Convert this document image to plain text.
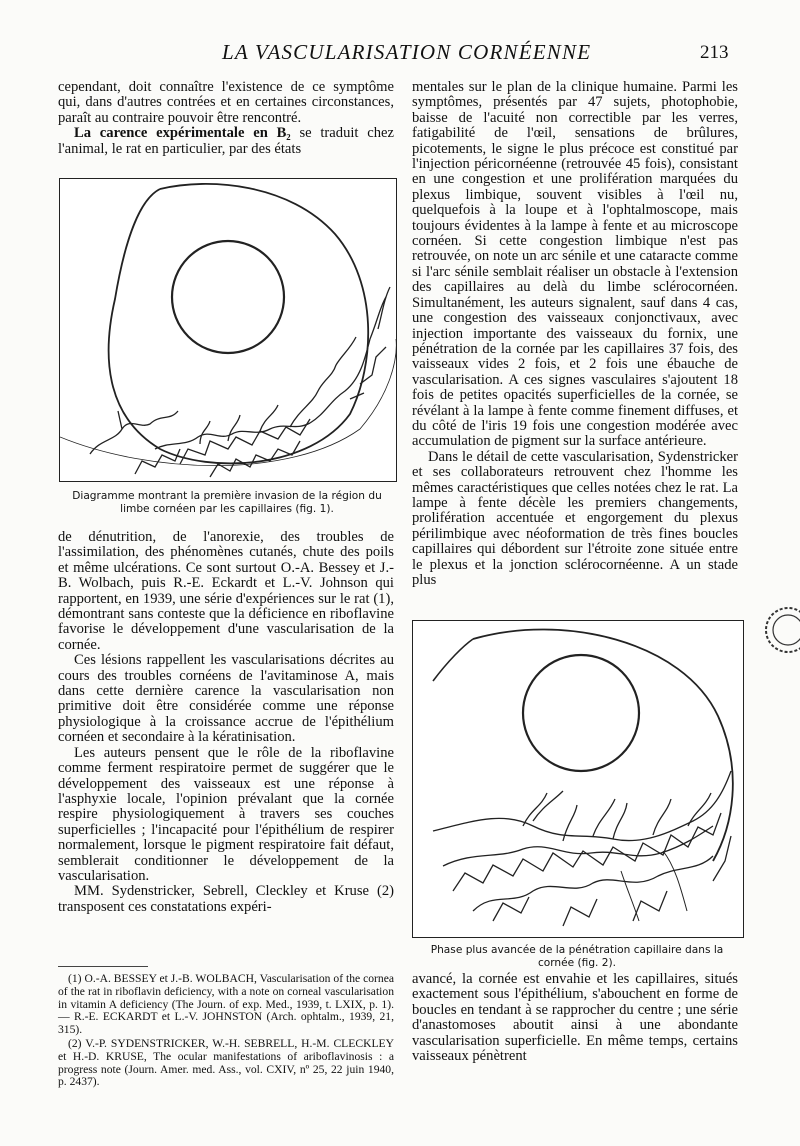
LA VASCULARISATION CORNÉENNE	213

cependant, doit connaître l'existence de ce symptôme qui, dans d'autres contrées et en certaines circonstances, paraît au contraire pouvoir être rencontré.

La carence expérimentale en B₂ se traduit chez l'animal, le rat en particulier, par des états

Diagramme montrant la première invasion de la région du limbe cornéen par les capillaires (fig. 1).

de dénutrition, de l'anorexie, des troubles de l'assimilation, des phénomènes cutanés, chute des poils et même ulcérations. Ce sont surtout O.-A. Bessey et J.-B. Wolbach, puis R.-E. Eckardt et L.-V. Johnson qui rapportent, en 1939, une série d'expériences sur le rat (1), démontrant sans conteste que la déficience en riboflavine favorise le développement d'une vascularisation de la cornée.

Ces lésions rappellent les vascularisations décrites au cours des troubles cornéens de l'avitaminose A, mais dans cette dernière carence la vascularisation non primitive doit être considérée comme une réponse physiologique à la croissance accrue de l'épithélium cornéen et secondaire à la kératinisation.

Les auteurs pensent que le rôle de la riboflavine comme ferment respiratoire permet de suggérer que le développement des vaisseaux est une réponse à l'asphyxie locale, l'opinion prévalant que la cornée respire physiologiquement à travers ses couches superficielles ; l'incapacité pour l'épithélium de respirer normalement, lorsque le pigment respiratoire fait défaut, semblerait conditionner le développement de la vascularisation.

MM. Sydenstricker, Sebrell, Cleckley et Kruse (2) transposent ces constatations expéri-

(1) O.-A. BESSEY et J.-B. WOLBACH, Vascularisation of the cornea of the rat in riboflavin deficiency, with a note on corneal vascularisation in vitamin A deficiency (The Journ. of exp. Med., 1939, t. LXIX, p. 1). — R.-E. ECKARDT et L.-V. JOHNSTON (Arch. ophtalm., 1939, 21, 315).

(2) V.-P. SYDENSTRICKER, W.-H. SEBRELL, H.-M. CLECKLEY et H.-D. KRUSE, The ocular manifestations of ariboflavinosis : a progress note (Journ. Amer. med. Ass., vol. CXIV, nº 25, 22 juin 1940, p. 2437).

mentales sur le plan de la clinique humaine. Parmi les symptômes, présentés par 47 sujets, photophobie, baisse de l'acuité non correctible par les verres, fatigabilité de l'œil, sensations de brûlures, picotements, le signe le plus précoce est constitué par l'injection péricornéenne (retrouvée 45 fois), consistant en une congestion et une prolifération marquées du plexus limbique, souvent visibles à l'œil nu, quelquefois à la loupe et à l'ophtalmoscope, mais toujours évidentes à la lampe à fente et au microscope cornéen. Si cette congestion limbique n'est pas retrouvée, on note un arc sénile et une cataracte comme si l'arc sénile semblait réaliser un obstacle à l'extension des capillaires au delà du limbe sclérocornéen. Simultanément, les auteurs signalent, sauf dans 4 cas, une congestion des vaisseaux conjonctivaux, avec injection importante des vaisseaux du fornix, une pénétration de la cornée par les capillaires 37 fois, des vaisseaux vides 2 fois, et 2 fois une ébauche de vascularisation. A ces signes vasculaires s'ajoutent 18 fois de petites opacités superficielles de la cornée, se révélant à la lampe à fente comme finement diffuses, et du côté de l'iris 19 fois une congestion modérée avec accumulation de pigment sur la surface antérieure.

Dans le détail de cette vascularisation, Sydenstricker et ses collaborateurs retrouvent chez l'homme les mêmes caractéristiques que celles notées chez le rat. La lampe à fente décèle les premiers changements, prolifération accentuée et engorgement du plexus périlimbique avec néoformation de très fines boucles capillaires qui débordent sur l'étroite zone située entre le plexus et la jonction sclérocornéenne. A un stade plus

Phase plus avancée de la pénétration capillaire dans la cornée (fig. 2).

avancé, la cornée est envahie et les capillaires, situés exactement sous l'épithélium, s'abouchent en forme de boucles en tendant à se rapprocher du centre ; une série d'anastomoses aboutit ainsi à une abondante vascularisation superficielle. En même temps, certains vaisseaux pénètrent
